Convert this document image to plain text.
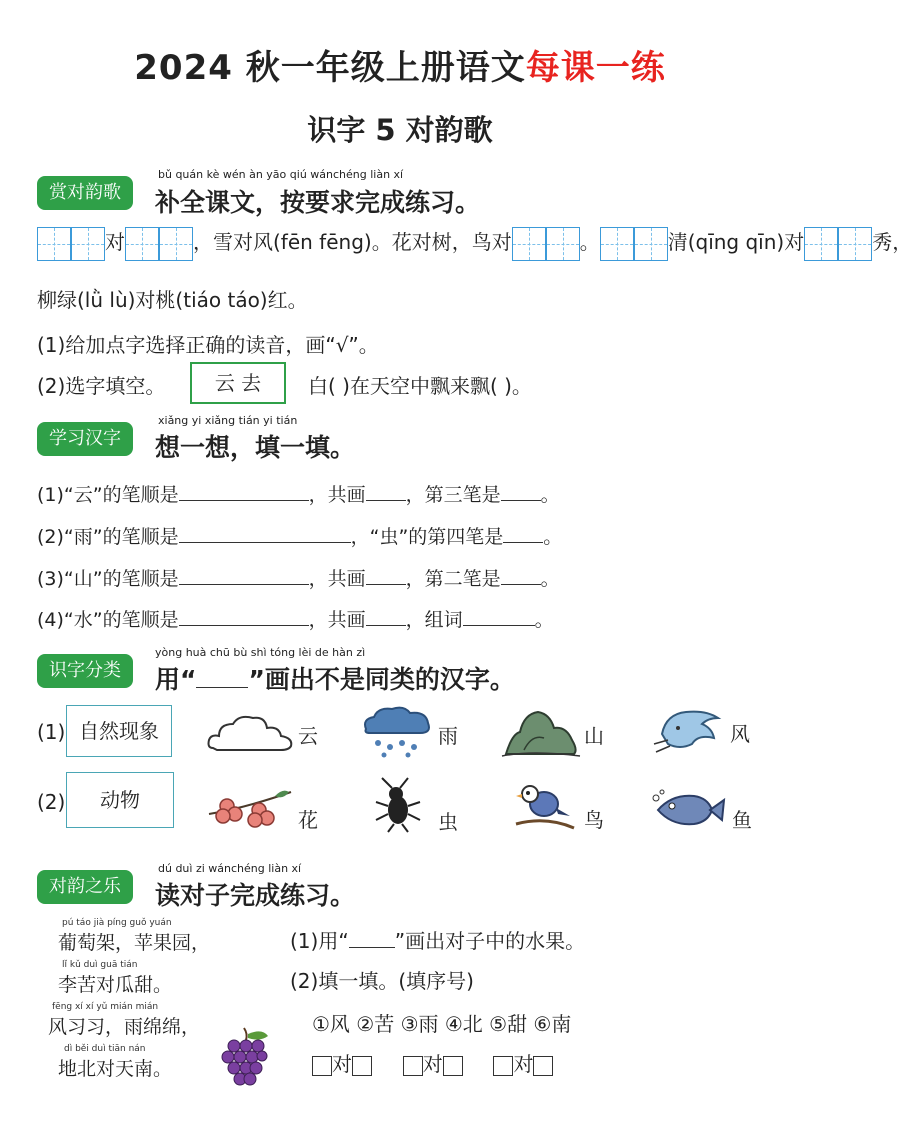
2024 秋一年级上册语文每课一练
识字 5 对韵歌
赏对韵歌
bǔ quán kè wén àn yāo qiú wánchéng liàn xí
补全课文，按要求完成练习。
对	，雪对风(fēn fēng)。花对树，鸟对	。	清(qīng qīn)对	秀，
柳绿(lǜ lù)对桃(tiáo táo)红。
(1)给加点字选择正确的读音，画“√”。
(2)选字填空。	云 去	白( )在天空中飘来飘( )。
学习汉字
xiǎng yi xiǎng tián yi tián
想一想，填一填。
(1)“云”的笔顺是	，共画 ，第三笔是 。
(2)“雨”的笔顺是	，“虫”的第四笔是 。
(3)“山”的笔顺是	，共画 ，第二笔是 。
(4)“水”的笔顺是	，共画 ，组词	。
识字分类
yòng huà chū bù shì tóng lèi de hàn zì
用“ ”画出不是同类的汉字。
(1) 自然现象	云	雨	山	风
(2)	动物
花	虫	鸟	鱼
对韵之乐
dú duì zi wánchéng liàn xí
读对子完成练习。
pú táo jià píng guǒ yuán
葡萄架，苹果园，
lǐ kǔ duì guā tián
李苦对瓜甜。
fēng xí xí yǔ mián mián
风习习，雨绵绵，
dì běi duì tiān nán
地北对天南。
(1)用“ ”画出对子中的水果。
(2)填一填。(填序号)
①风 ②苦 ③雨 ④北 ⑤甜 ⑥南
对	对	对
